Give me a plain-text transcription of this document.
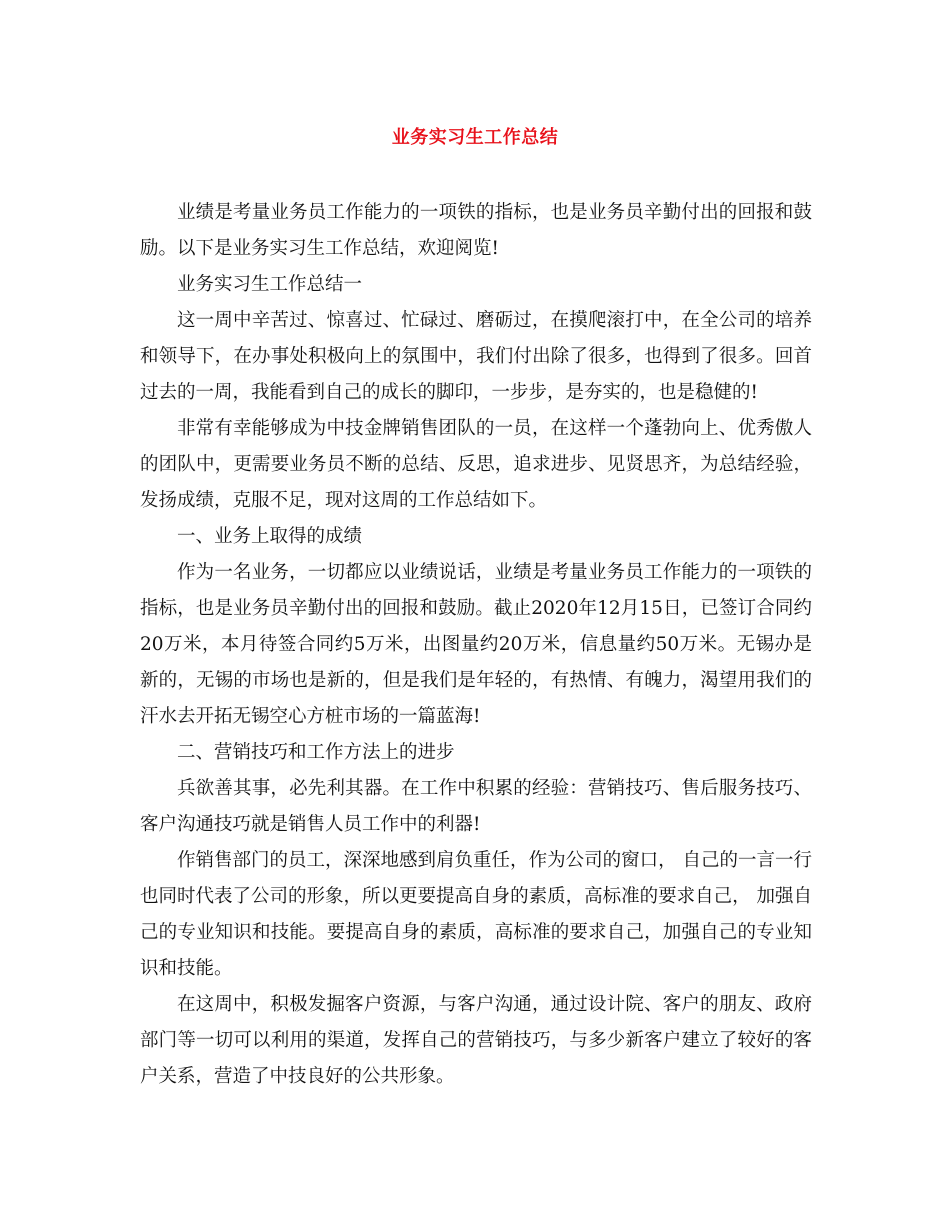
业务实习生工作总结

业绩是考量业务员工作能力的一项铁的指标，也是业务员辛勤付出的回报和鼓励。以下是业务实习生工作总结，欢迎阅览!

业务实习生工作总结一

这一周中辛苦过、惊喜过、忙碌过、磨砺过，在摸爬滚打中，在全公司的培养和领导下，在办事处积极向上的氛围中，我们付出除了很多，也得到了很多。回首过去的一周，我能看到自己的成长的脚印，一步步，是夯实的，也是稳健的!

非常有幸能够成为中技金牌销售团队的一员，在这样一个蓬勃向上、优秀傲人的团队中，更需要业务员不断的总结、反思，追求进步、见贤思齐，为总结经验，发扬成绩，克服不足，现对这周的工作总结如下。

一、业务上取得的成绩

作为一名业务，一切都应以业绩说话，业绩是考量业务员工作能力的一项铁的指标，也是业务员辛勤付出的回报和鼓励。截止2020年12月15日，已签订合同约20万米，本月待签合同约5万米，出图量约20万米，信息量约50万米。无锡办是新的，无锡的市场也是新的，但是我们是年轻的，有热情、有魄力，渴望用我们的汗水去开拓无锡空心方桩市场的一篇蓝海!

二、营销技巧和工作方法上的进步

兵欲善其事，必先利其器。在工作中积累的经验：营销技巧、售后服务技巧、客户沟通技巧就是销售人员工作中的利器!

作销售部门的员工，深深地感到肩负重任，作为公司的窗口， 自己的一言一行也同时代表了公司的形象，所以更要提高自身的素质，高标准的要求自己， 加强自己的专业知识和技能。要提高自身的素质，高标准的要求自己，加强自己的专业知识和技能。

在这周中，积极发掘客户资源，与客户沟通，通过设计院、客户的朋友、政府部门等一切可以利用的渠道，发挥自己的营销技巧，与多少新客户建立了较好的客户关系，营造了中技良好的公共形象。
